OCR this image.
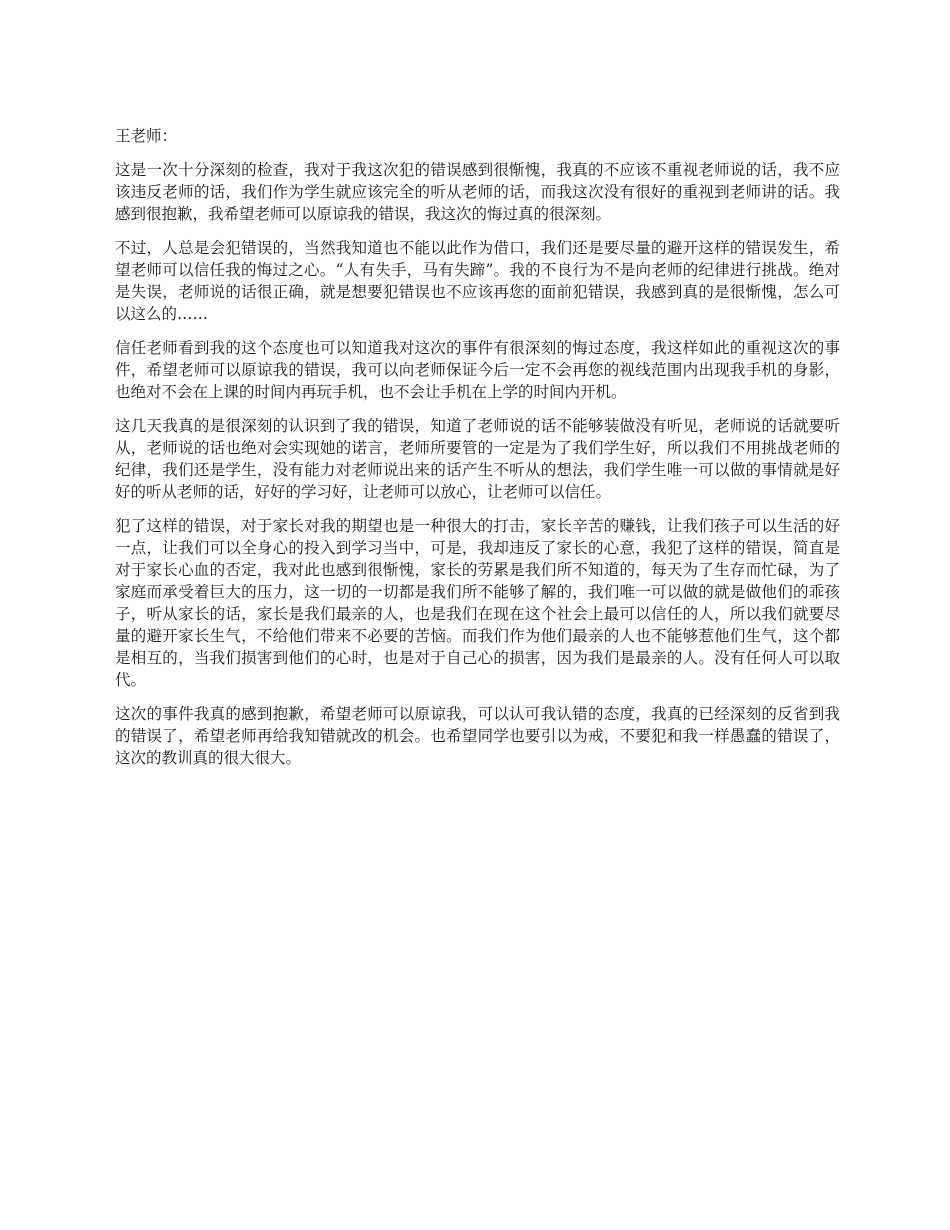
王老师：

这是一次十分深刻的检查，我对于我这次犯的错误感到很惭愧，我真的不应该不重视老师说的话，我不应该违反老师的话，我们作为学生就应该完全的听从老师的话，而我这次没有很好的重视到老师讲的话。我感到很抱歉，我希望老师可以原谅我的错误，我这次的悔过真的很深刻。

不过，人总是会犯错误的，当然我知道也不能以此作为借口，我们还是要尽量的避开这样的错误发生，希望老师可以信任我的悔过之心。“人有失手，马有失蹄”。我的不良行为不是向老师的纪律进行挑战。绝对是失误，老师说的话很正确，就是想要犯错误也不应该再您的面前犯错误，我感到真的是很惭愧，怎么可以这么的……

信任老师看到我的这个态度也可以知道我对这次的事件有很深刻的悔过态度，我这样如此的重视这次的事件，希望老师可以原谅我的错误，我可以向老师保证今后一定不会再您的视线范围内出现我手机的身影，也绝对不会在上课的时间内再玩手机，也不会让手机在上学的时间内开机。

这几天我真的是很深刻的认识到了我的错误，知道了老师说的话不能够装做没有听见，老师说的话就要听从，老师说的话也绝对会实现她的诺言，老师所要管的一定是为了我们学生好，所以我们不用挑战老师的纪律，我们还是学生，没有能力对老师说出来的话产生不听从的想法，我们学生唯一可以做的事情就是好好的听从老师的话，好好的学习好，让老师可以放心，让老师可以信任。

犯了这样的错误，对于家长对我的期望也是一种很大的打击，家长辛苦的赚钱，让我们孩子可以生活的好一点，让我们可以全身心的投入到学习当中，可是，我却违反了家长的心意，我犯了这样的错误，简直是对于家长心血的否定，我对此也感到很惭愧，家长的劳累是我们所不知道的，每天为了生存而忙碌，为了家庭而承受着巨大的压力，这一切的一切都是我们所不能够了解的，我们唯一可以做的就是做他们的乖孩子，听从家长的话，家长是我们最亲的人，也是我们在现在这个社会上最可以信任的人，所以我们就要尽量的避开家长生气，不给他们带来不必要的苦恼。而我们作为他们最亲的人也不能够惹他们生气，这个都是相互的，当我们损害到他们的心时，也是对于自己心的损害，因为我们是最亲的人。没有任何人可以取代。

这次的事件我真的感到抱歉，希望老师可以原谅我，可以认可我认错的态度，我真的已经深刻的反省到我的错误了，希望老师再给我知错就改的机会。也希望同学也要引以为戒，不要犯和我一样愚蠢的错误了，这次的教训真的很大很大。
